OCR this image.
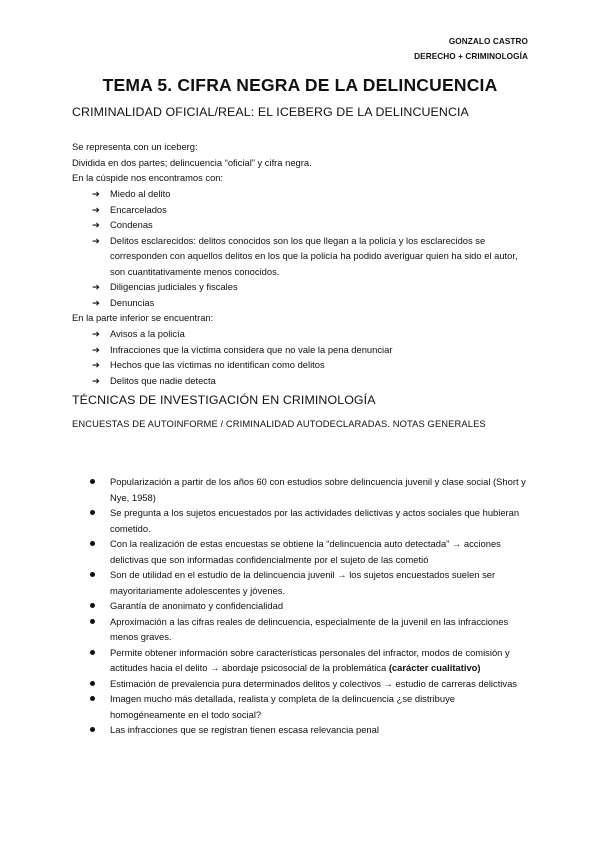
GONZALO CASTRO
DERECHO + CRIMINOLOGÍA
TEMA 5. CIFRA NEGRA DE LA DELINCUENCIA
CRIMINALIDAD OFICIAL/REAL: EL ICEBERG DE LA DELINCUENCIA
Se representa con un iceberg:
Dividida en dos partes; delincuencia “oficial” y cifra negra.
En la cúspide nos encontramos con:
➔ Miedo al delito
➔ Encarcelados
➔ Condenas
➔ Delitos esclarecidos: delitos conocidos son los que llegan a la policía y los esclarecidos se corresponden con aquellos delitos en los que la policía ha podido averiguar quien ha sido el autor, son cuantitativamente menos conocidos.
➔ Diligencias judiciales y fiscales
➔ Denuncias
En la parte inferior se encuentran:
➔ Avisos a la policía
➔ Infracciones que la víctima considera que no vale la pena denunciar
➔ Hechos que las víctimas no identifican como delitos
➔ Delitos que nadie detecta
TÉCNICAS DE INVESTIGACIÓN EN CRIMINOLOGÍA
ENCUESTAS DE AUTOINFORME / CRIMINALIDAD AUTODECLARADAS. NOTAS GENERALES
Popularización a partir de los años 60 con estudios sobre delincuencia juvenil y clase social (Short y Nye, 1958)
Se pregunta a los sujetos encuestados por las actividades delictivas y actos sociales que hubieran cometido.
Con la realización de estas encuestas se obtiene la “delincuencia auto detectada” → acciones delictivas que son informadas confidencialmente por el sujeto de las cometió
Son de utilidad en el estudio de la delincuencia juvenil → los sujetos encuestados suelen ser mayoritariamente adolescentes y jóvenes.
Garantía de anonimato y confidencialidad
Aproximación a las cifras reales de delincuencia, especialmente de la juvenil en las infracciones menos graves.
Permite obtener información sobre características personales del infractor, modos de comisión y actitudes hacia el delito → abordaje psicosocial de la problemática (carácter cualitativo)
Estimación de prevalencia pura determinados delitos y colectivos → estudio de carreras delictivas
Imagen mucho más detallada, realista y completa de la delincuencia ¿se distribuye homogéneamente en el todo social?
Las infracciones que se registran tienen escasa relevancia penal
